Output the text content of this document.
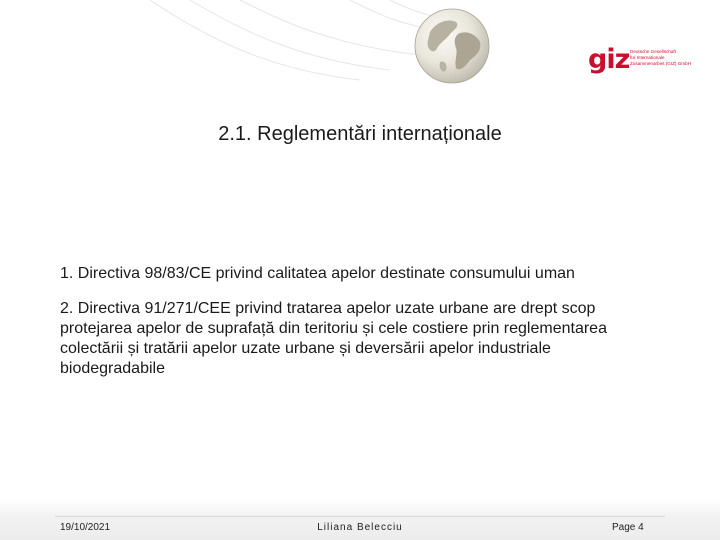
giz Deutsche Gesellschaft
für Internationale
Zusammenarbeit (GIZ) GmbH
2.1. Reglementări internaționale

1. Directiva 98/83/CE privind calitatea apelor destinate consumului uman

2. Directiva 91/271/CEE privind tratarea apelor uzate urbane are drept scop protejarea apelor de suprafață din teritoriu și cele costiere prin reglementarea colectării și tratării apelor uzate urbane și deversării apelor industriale biodegradabile

19/10/2021	Liliana Belecciu	Page 4
